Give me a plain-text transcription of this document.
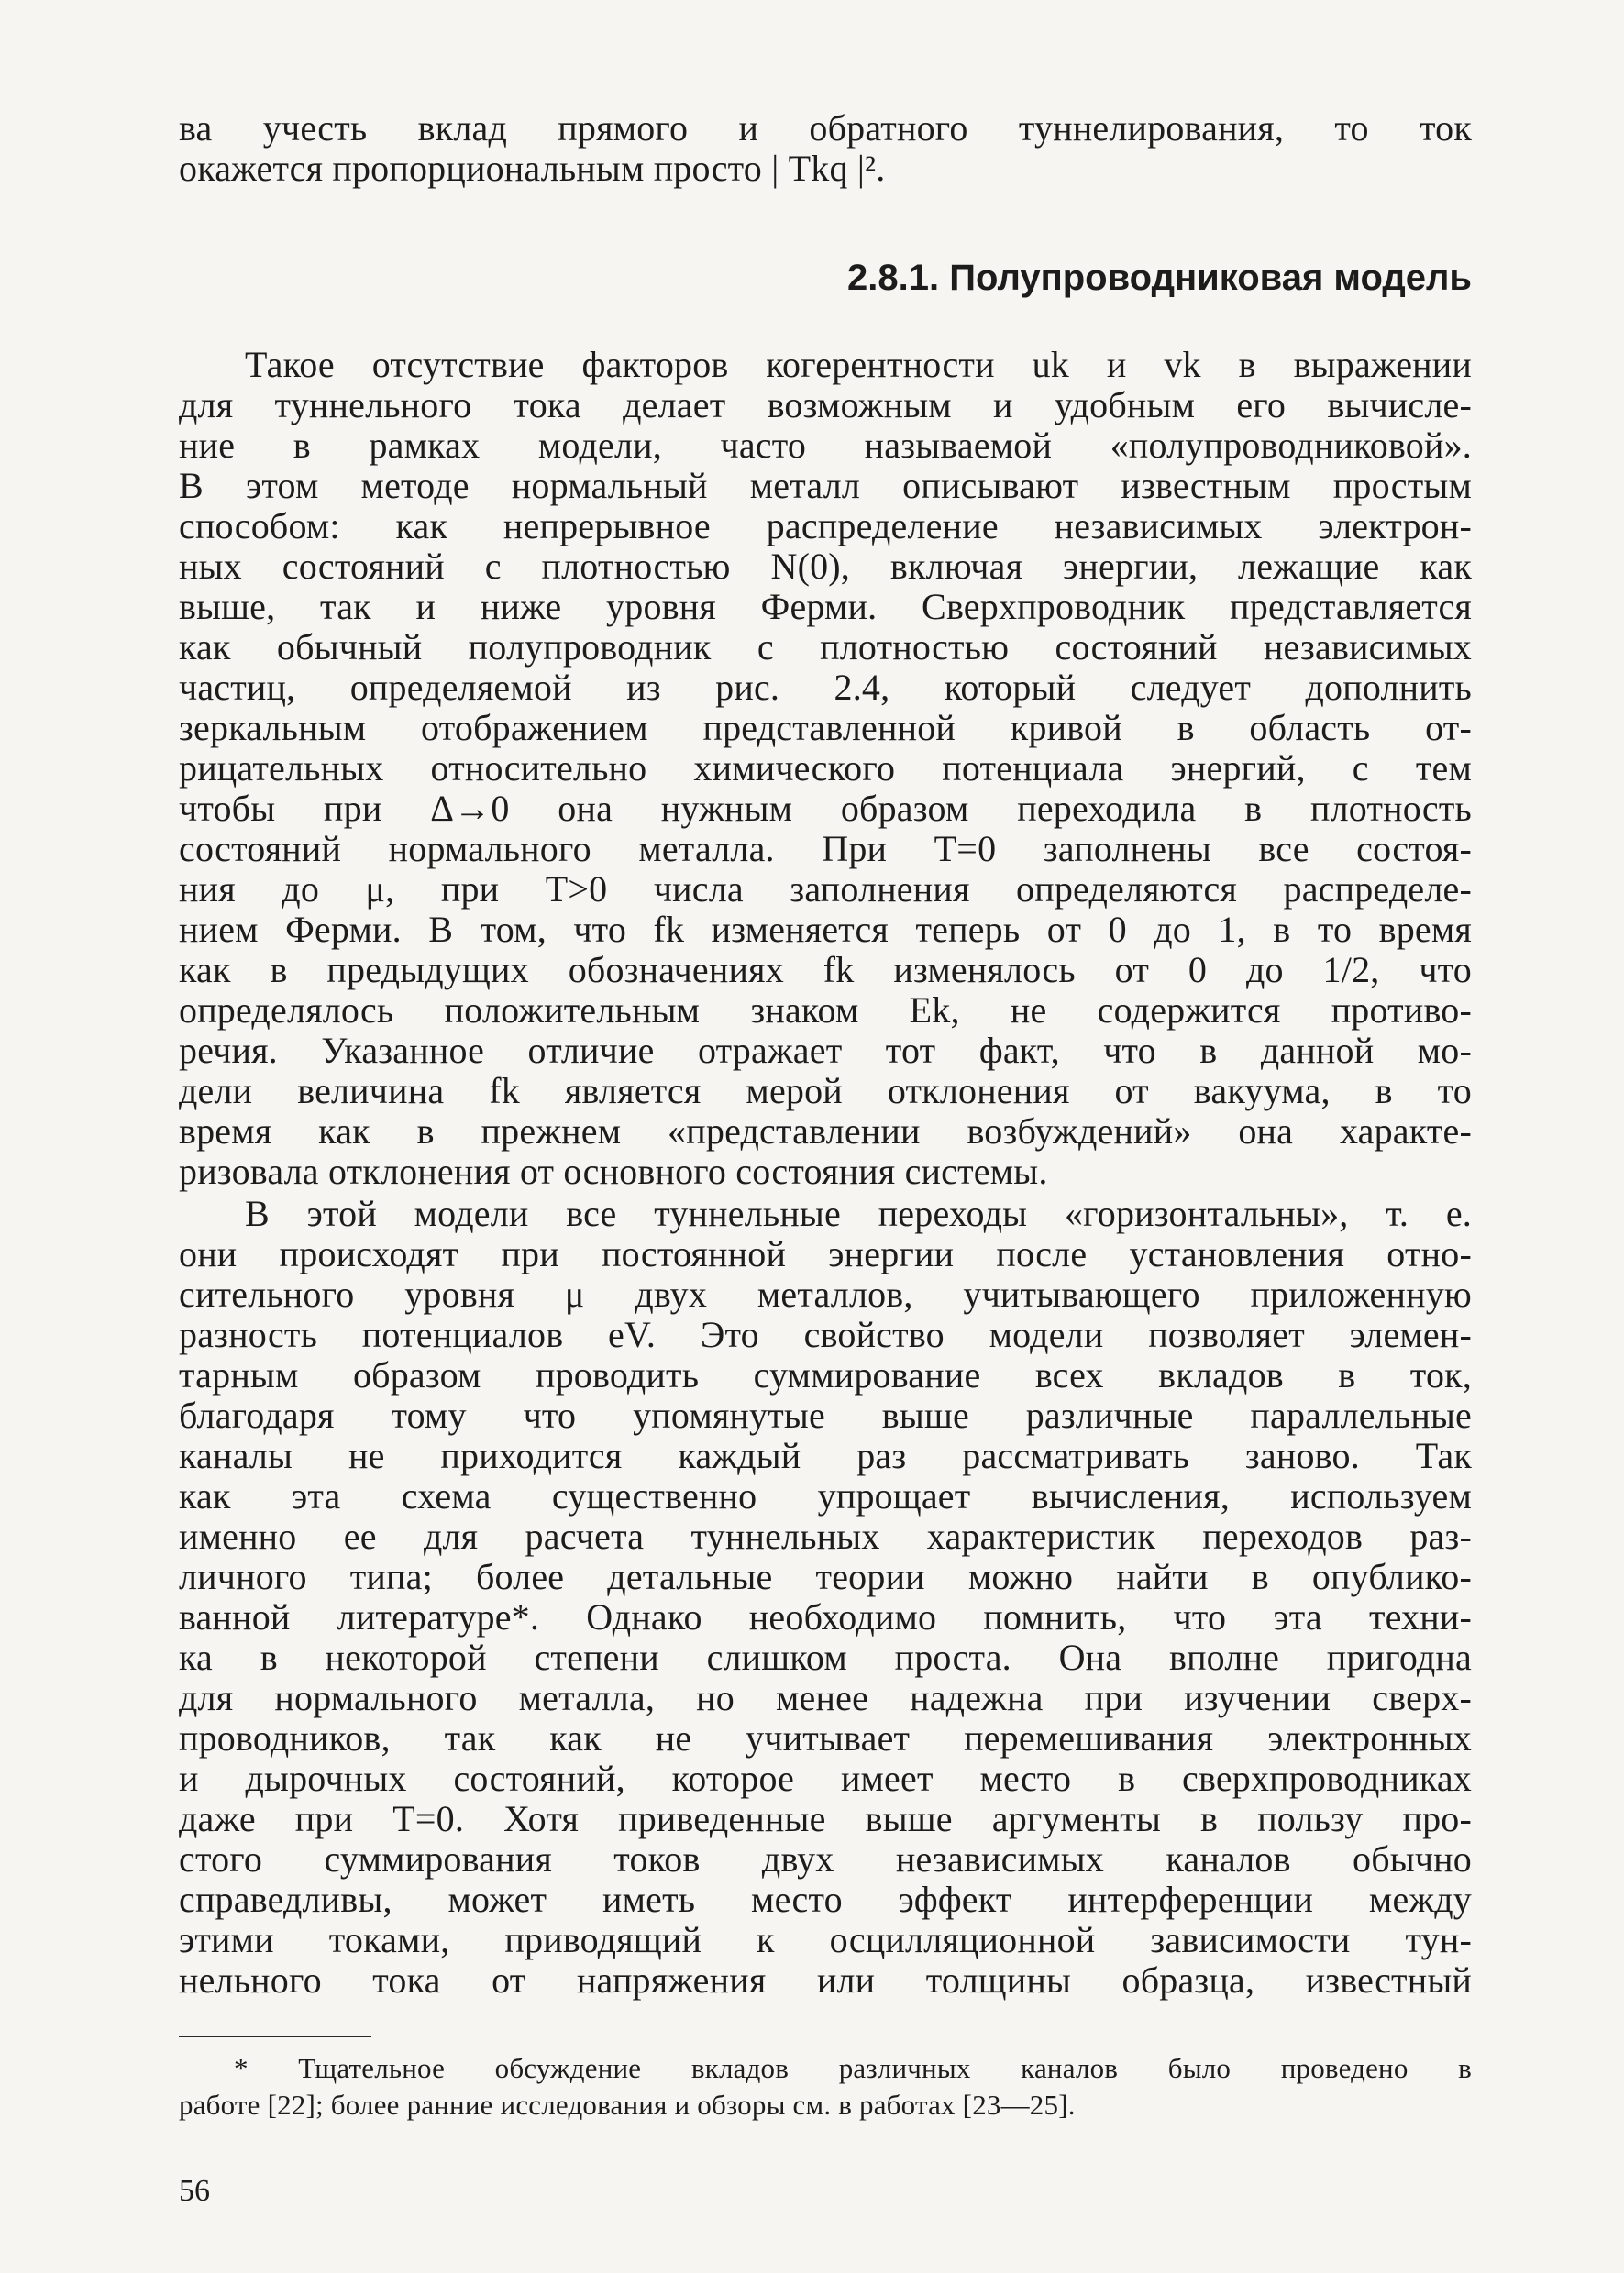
ва учесть вклад прямого и обратного туннелирования, то ток
окажется пропорциональным просто | Tkq |².
2.8.1. Полупроводниковая модель
Такое отсутствие факторов когерентности uk и vk в выражении
для туннельного тока делает возможным и удобным его вычисле-
ние в рамках модели, часто называемой «полупроводниковой».
В этом методе нормальный металл описывают известным простым
способом: как непрерывное распределение независимых электрон-
ных состояний с плотностью N(0), включая энергии, лежащие как
выше, так и ниже уровня Ферми. Сверхпроводник представляется
как обычный полупроводник с плотностью состояний независимых
частиц, определяемой из рис. 2.4, который следует дополнить
зеркальным отображением представленной кривой в область от-
рицательных относительно химического потенциала энергий, с тем
чтобы при Δ→0 она нужным образом переходила в плотность
состояний нормального металла. При T=0 заполнены все состоя-
ния до μ, при T>0 числа заполнения определяются распределе-
нием Ферми. В том, что fk изменяется теперь от 0 до 1, в то время
как в предыдущих обозначениях fk изменялось от 0 до 1/2, что
определялось положительным знаком Ek, не содержится противо-
речия. Указанное отличие отражает тот факт, что в данной мо-
дели величина fk является мерой отклонения от вакуума, в то
время как в прежнем «представлении возбуждений» она характе-
ризовала отклонения от основного состояния системы.
В этой модели все туннельные переходы «горизонтальны», т. е.
они происходят при постоянной энергии после установления отно-
сительного уровня μ двух металлов, учитывающего приложенную
разность потенциалов eV. Это свойство модели позволяет элемен-
тарным образом проводить суммирование всех вкладов в ток,
благодаря тому что упомянутые выше различные параллельные
каналы не приходится каждый раз рассматривать заново. Так
как эта схема существенно упрощает вычисления, используем
именно ее для расчета туннельных характеристик переходов раз-
личного типа; более детальные теории можно найти в опублико-
ванной литературе*. Однако необходимо помнить, что эта техни-
ка в некоторой степени слишком проста. Она вполне пригодна
для нормального металла, но менее надежна при изучении сверх-
проводников, так как не учитывает перемешивания электронных
и дырочных состояний, которое имеет место в сверхпроводниках
даже при T=0. Хотя приведенные выше аргументы в пользу про-
стого суммирования токов двух независимых каналов обычно
справедливы, может иметь место эффект интерференции между
этими токами, приводящий к осцилляционной зависимости тун-
нельного тока от напряжения или толщины образца, известный
* Тщательное обсуждение вкладов различных каналов было проведено в
работе [22]; более ранние исследования и обзоры см. в работах [23—25].
56
